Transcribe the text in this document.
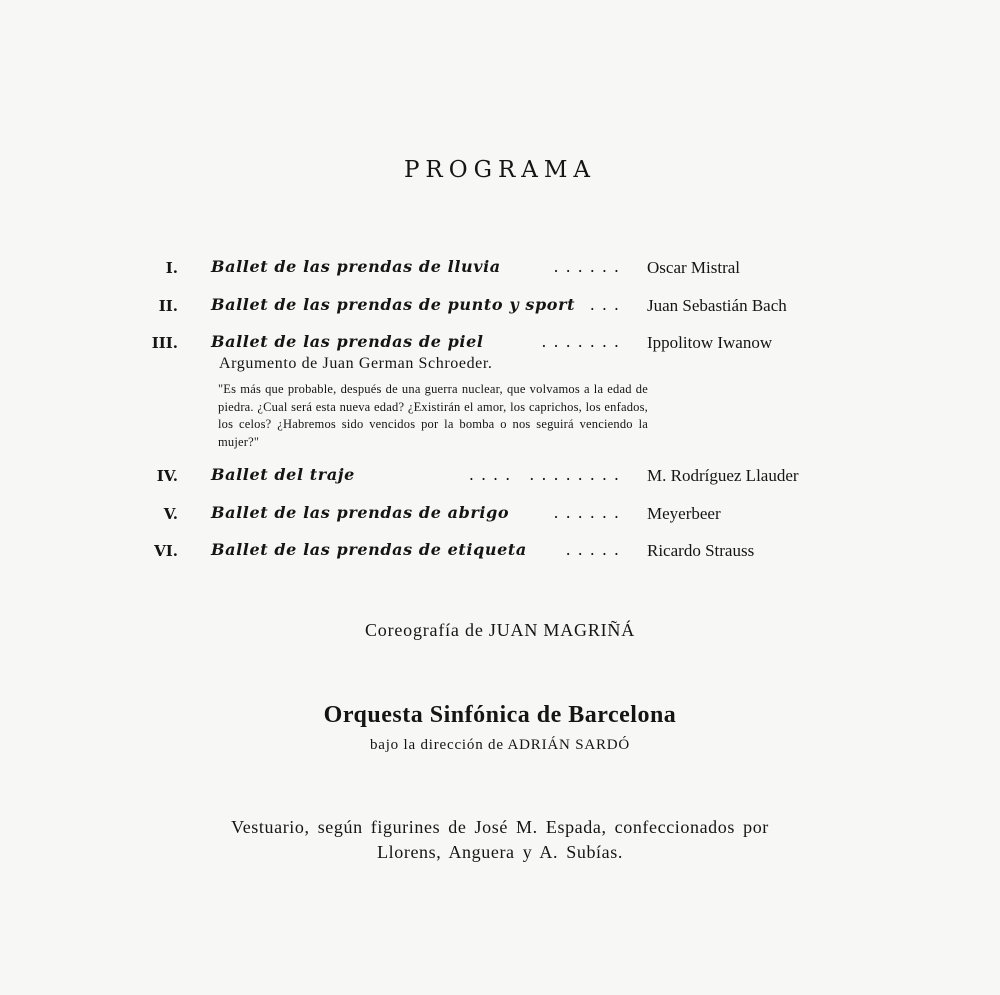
PROGRAMA
I. Ballet de las prendas de lluvia	...... Oscar Mistral
II. Ballet de las prendas de punto y sport ... Juan Sebastián Bach
III. Ballet de las prendas de piel	....... Ippolitow Iwanow
Argumento de Juan German Schroeder.
"Es más que probable, después de una guerra nuclear, que volvamos a la edad de piedra. ¿Cual será esta nueva edad? ¿Existirán el amor, los caprichos, los enfados, los celos? ¿Habremos sido vencidos por la bomba o nos seguirá venciendo la mujer?"
IV. Ballet del traje	.... ........ M. Rodríguez Llauder
V. Ballet de las prendas de abrigo	...... Meyerbeer
VI. Ballet de las prendas de etiqueta ..... Ricardo Strauss
Coreografía de JUAN MAGRIÑÁ
Orquesta Sinfónica de Barcelona
bajo la dirección de ADRIÁN SARDÓ
Vestuario, según figurines de José M. Espada, confeccionados por
Llorens, Anguera y A. Subías.
